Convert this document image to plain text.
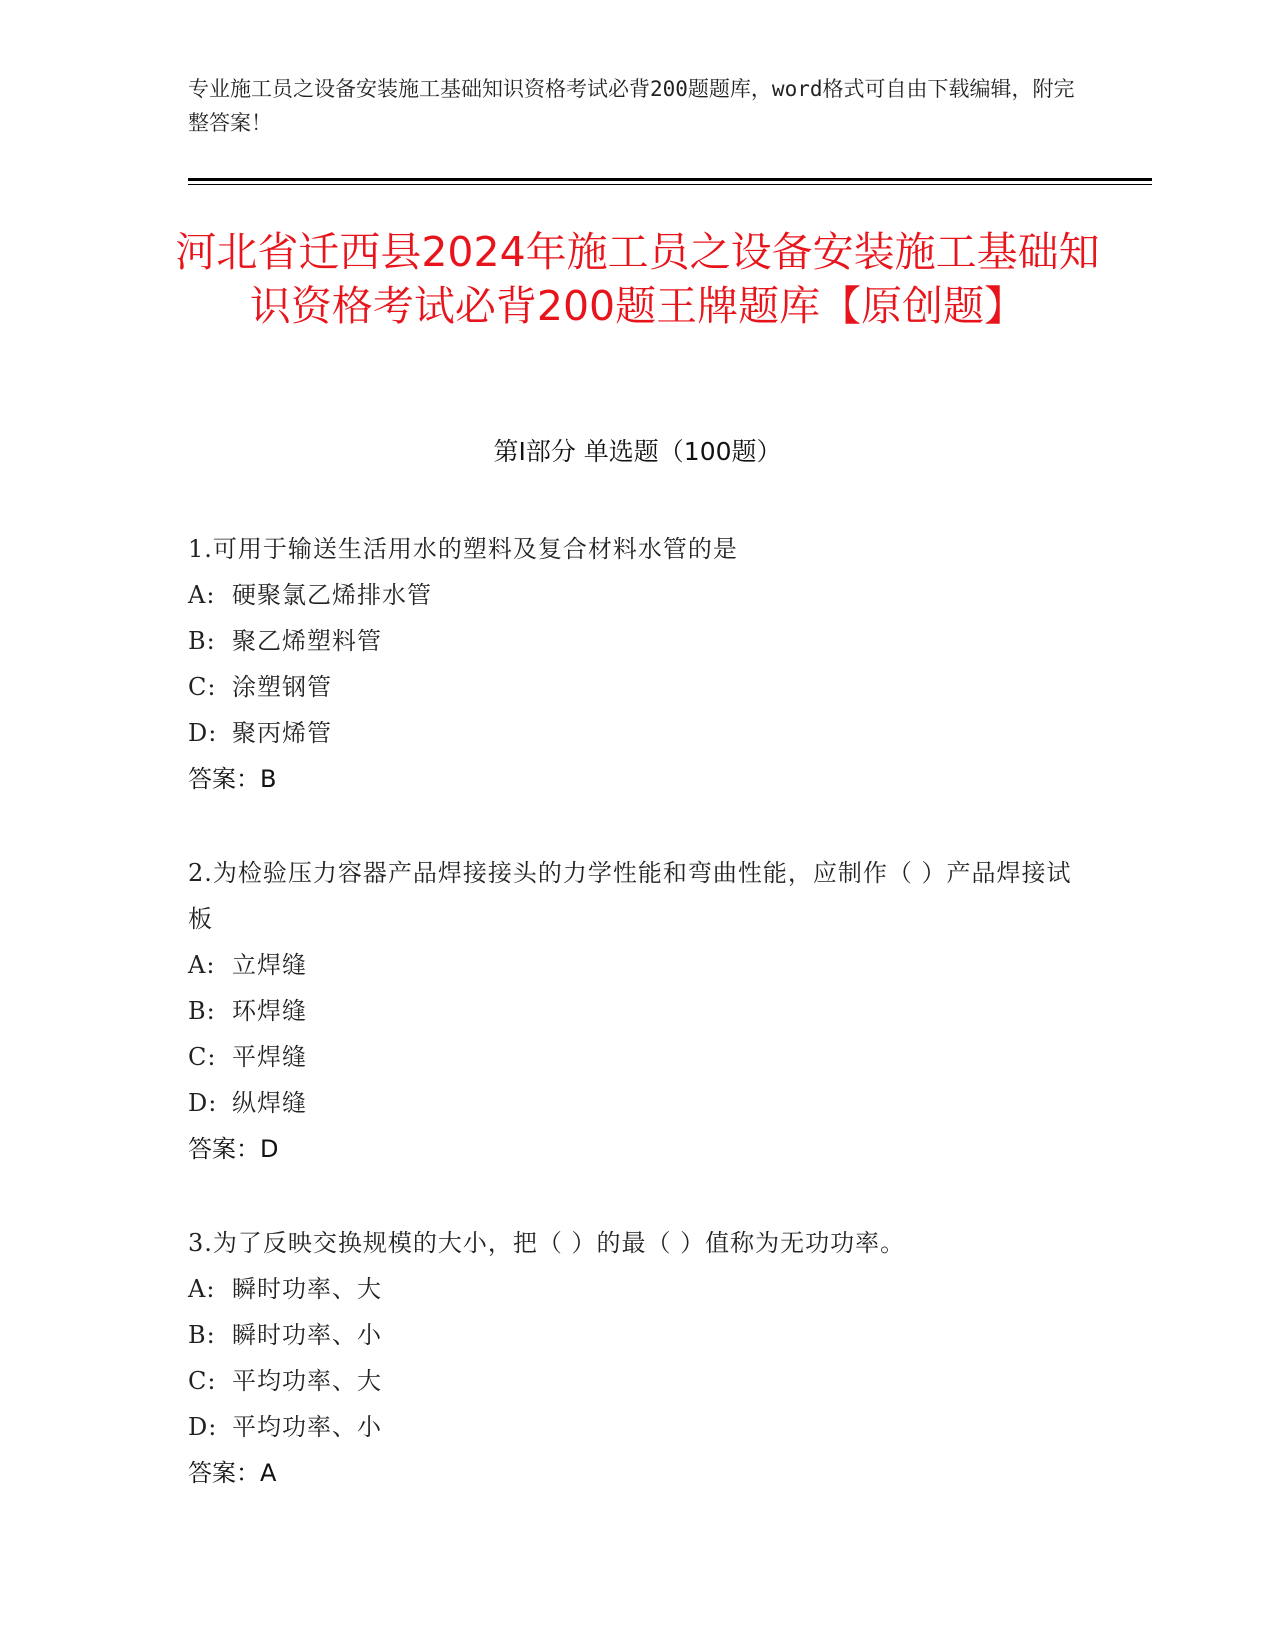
专业施工员之设备安装施工基础知识资格考试必背200题题库，word格式可自由下载编辑，附完整答案！
河北省迁西县2024年施工员之设备安装施工基础知识资格考试必背200题王牌题库【原创题】
第Ⅰ部分 单选题（100题）
1.可用于输送生活用水的塑料及复合材料水管的是
A: 硬聚氯乙烯排水管
B: 聚乙烯塑料管
C: 涂塑钢管
D: 聚丙烯管
答案：B
2.为检验压力容器产品焊接接头的力学性能和弯曲性能，应制作（ ）产品焊接试板
A: 立焊缝
B: 环焊缝
C: 平焊缝
D: 纵焊缝
答案：D
3.为了反映交换规模的大小，把（ ）的最（ ）值称为无功功率。
A: 瞬时功率、大
B: 瞬时功率、小
C: 平均功率、大
D: 平均功率、小
答案：A
